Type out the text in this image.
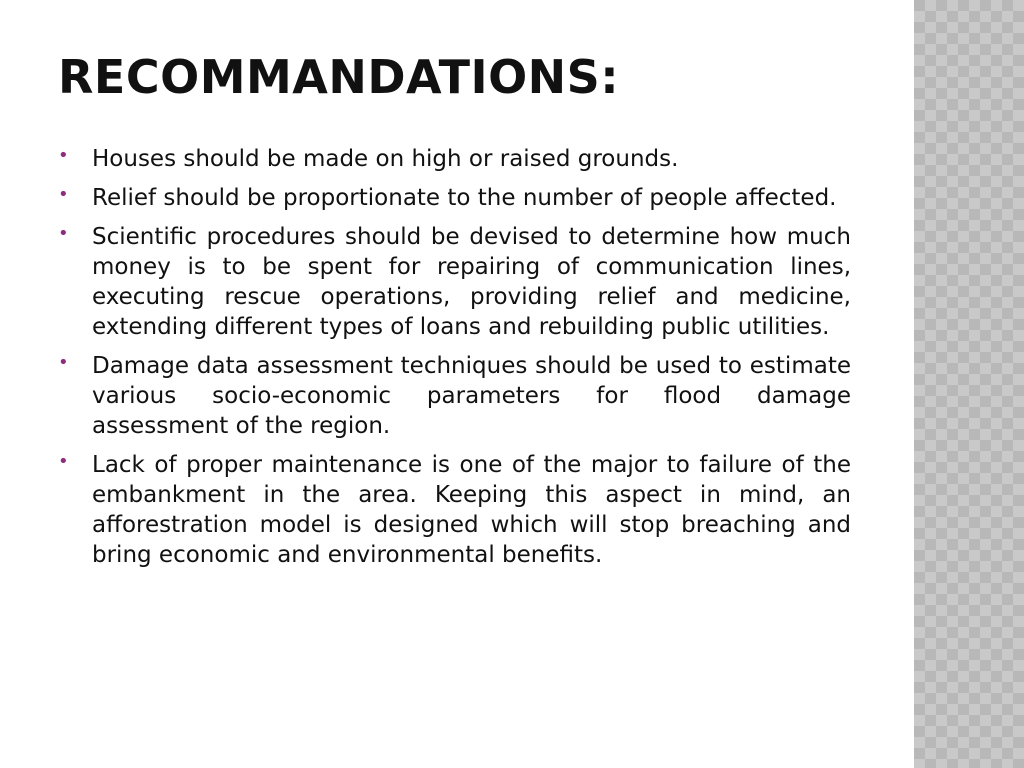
RECOMMANDATIONS:
• Houses should be made on high or raised grounds.
• Relief should be proportionate to the number of people affected.
• Scientific procedures should be devised to determine how much money is to be spent for repairing of communication lines, executing rescue operations, providing relief and medicine, extending different types of loans and rebuilding public utilities.
• Damage data assessment techniques should be used to estimate various socio-economic parameters for flood damage assessment of the region.
• Lack of proper maintenance is one of the major to failure of the embankment in the area. Keeping this aspect in mind, an afforestration model is designed which will stop breaching and bring economic and environmental benefits.
